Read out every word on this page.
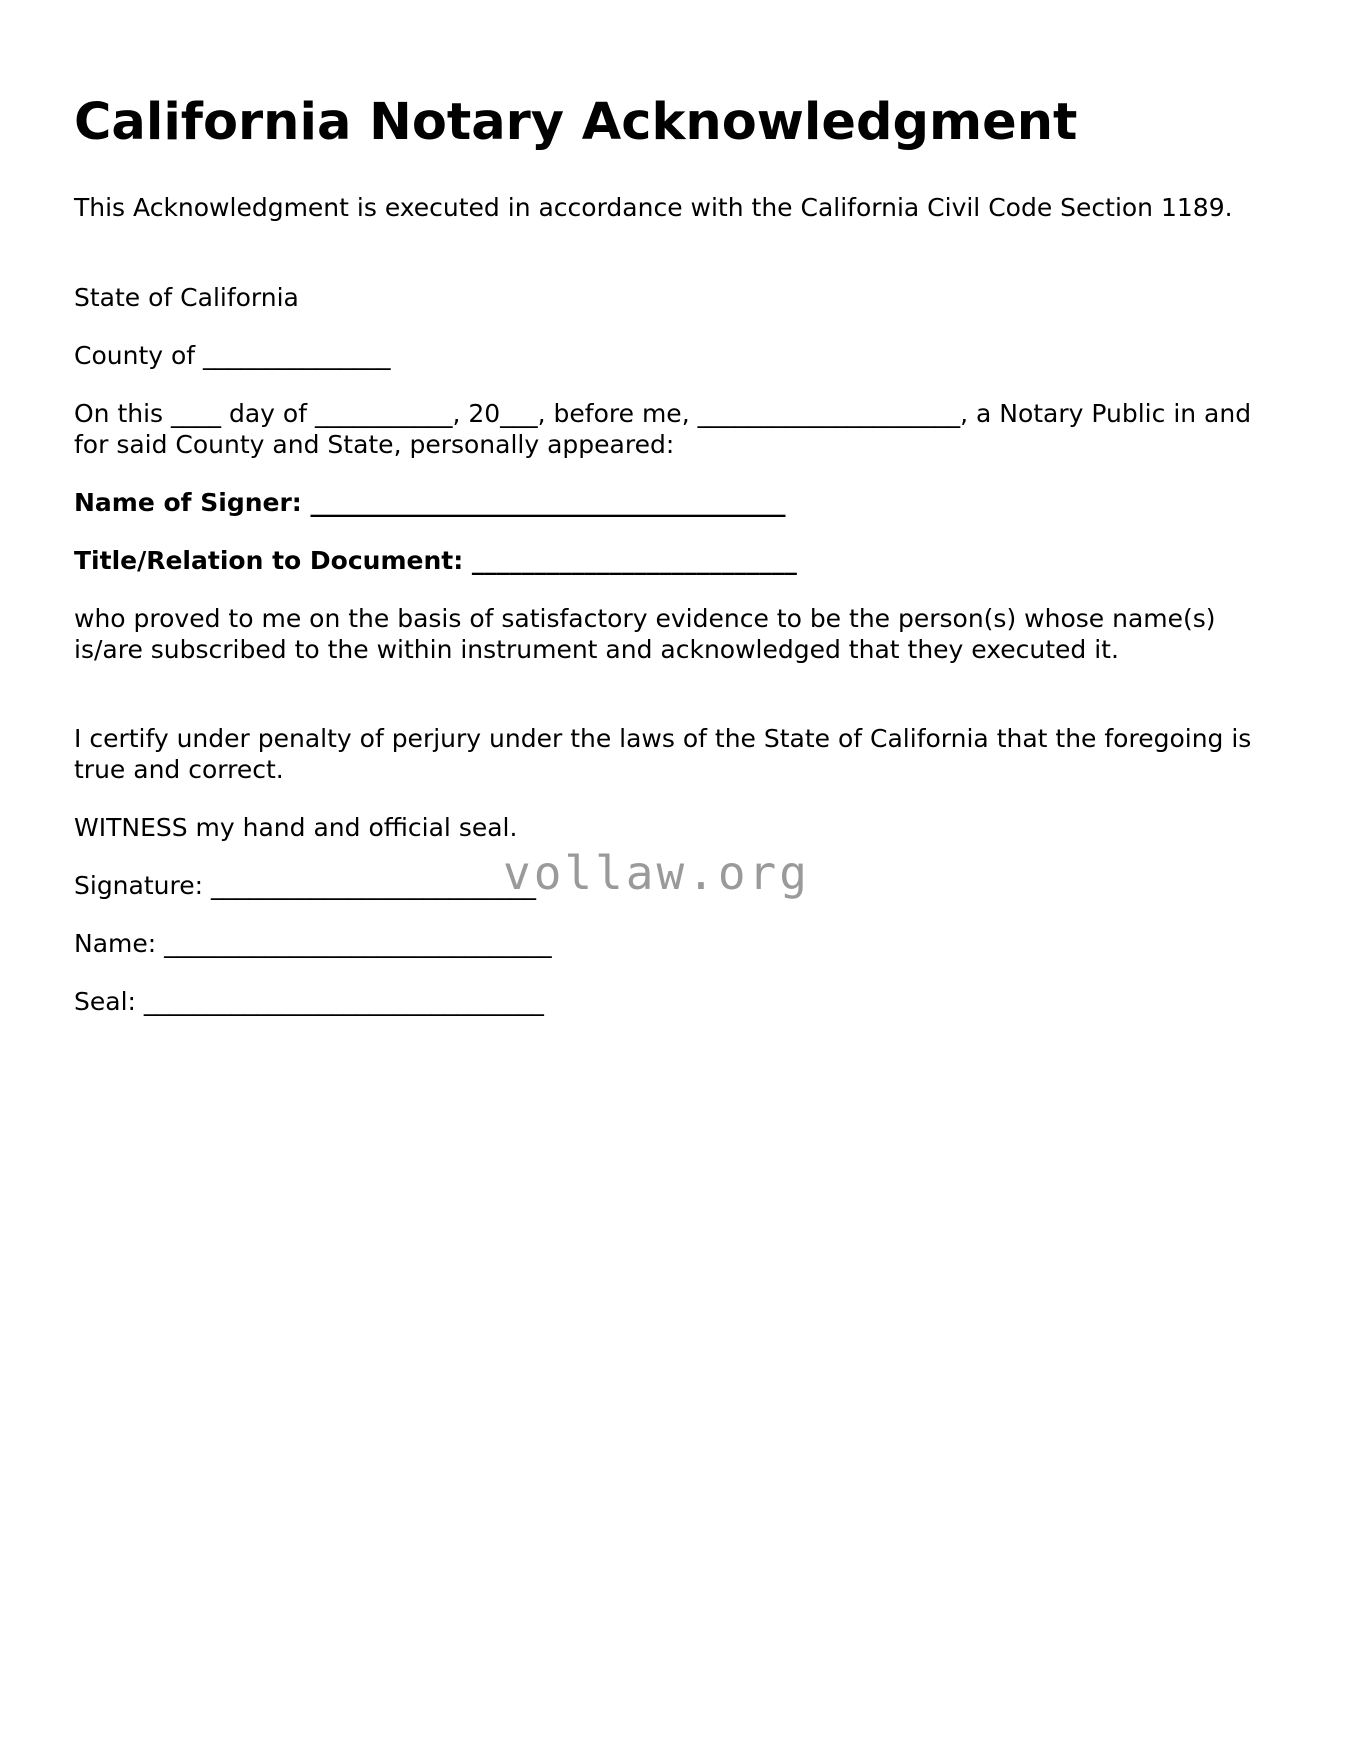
California Notary Acknowledgment

This Acknowledgment is executed in accordance with the California Civil Code Section 1189.

State of California

County of _______________

On this ____ day of ___________, 20___, before me, _____________________, a Notary Public in and for said County and State, personally appeared:

Name of Signer: ______________________________________

Title/Relation to Document: __________________________

who proved to me on the basis of satisfactory evidence to be the person(s) whose name(s) is/are subscribed to the within instrument and acknowledged that they executed it.

I certify under penalty of perjury under the laws of the State of California that the foregoing is true and correct.

WITNESS my hand and official seal.

Signature: __________________________

Name: _______________________________

Seal: ________________________________

vollaw.org
